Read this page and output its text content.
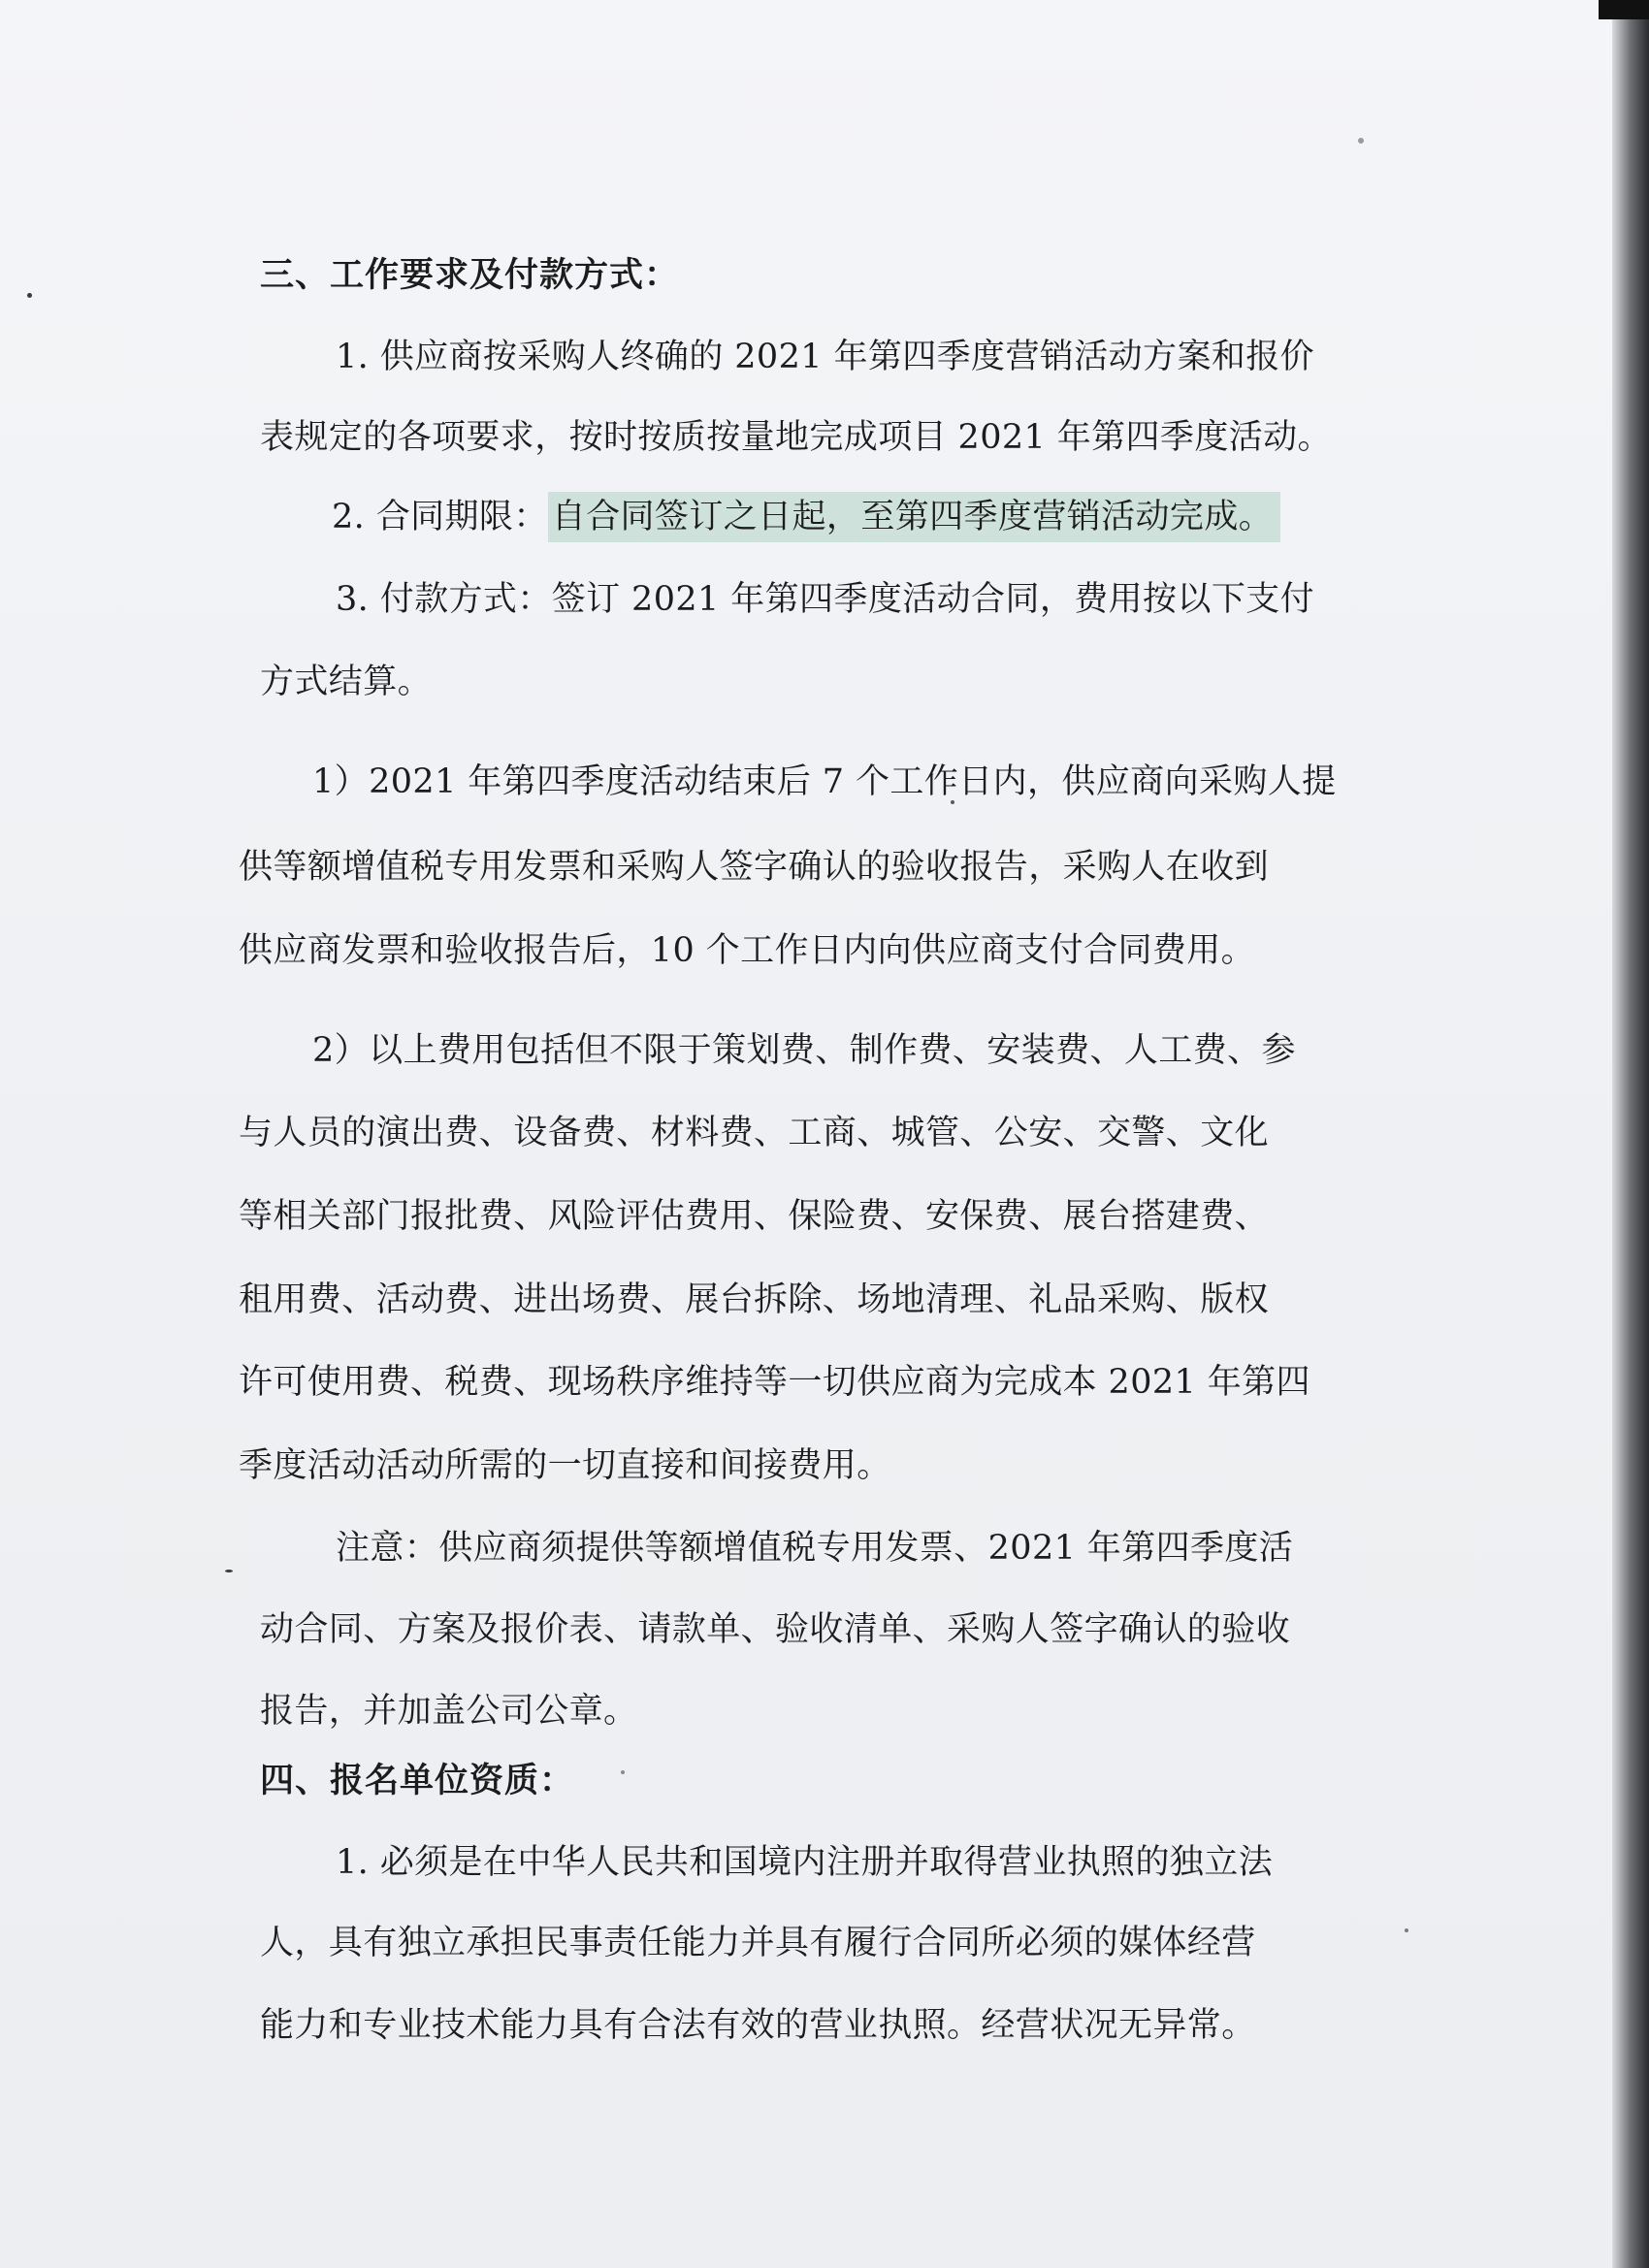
三、工作要求及付款方式：

1. 供应商按采购人终确的 2021 年第四季度营销活动方案和报价

表规定的各项要求，按时按质按量地完成项目 2021 年第四季度活动。

2. 合同期限： 自合同签订之日起，至第四季度营销活动完成。

3. 付款方式：签订 2021 年第四季度活动合同，费用按以下支付

方式结算。

1）2021 年第四季度活动结束后 7 个工作日内，供应商向采购人提

供等额增值税专用发票和采购人签字确认的验收报告，采购人在收到

供应商发票和验收报告后，10 个工作日内向供应商支付合同费用。

2）以上费用包括但不限于策划费、制作费、安装费、人工费、参

与人员的演出费、设备费、材料费、工商、城管、公安、交警、文化

等相关部门报批费、风险评估费用、保险费、安保费、展台搭建费、

租用费、活动费、进出场费、展台拆除、场地清理、礼品采购、版权

许可使用费、税费、现场秩序维持等一切供应商为完成本 2021 年第四

季度活动活动所需的一切直接和间接费用。

注意：供应商须提供等额增值税专用发票、2021 年第四季度活

动合同、方案及报价表、请款单、验收清单、采购人签字确认的验收

报告，并加盖公司公章。

四、报名单位资质：

1. 必须是在中华人民共和国境内注册并取得营业执照的独立法

人，具有独立承担民事责任能力并具有履行合同所必须的媒体经营

能力和专业技术能力具有合法有效的营业执照。经营状况无异常。
